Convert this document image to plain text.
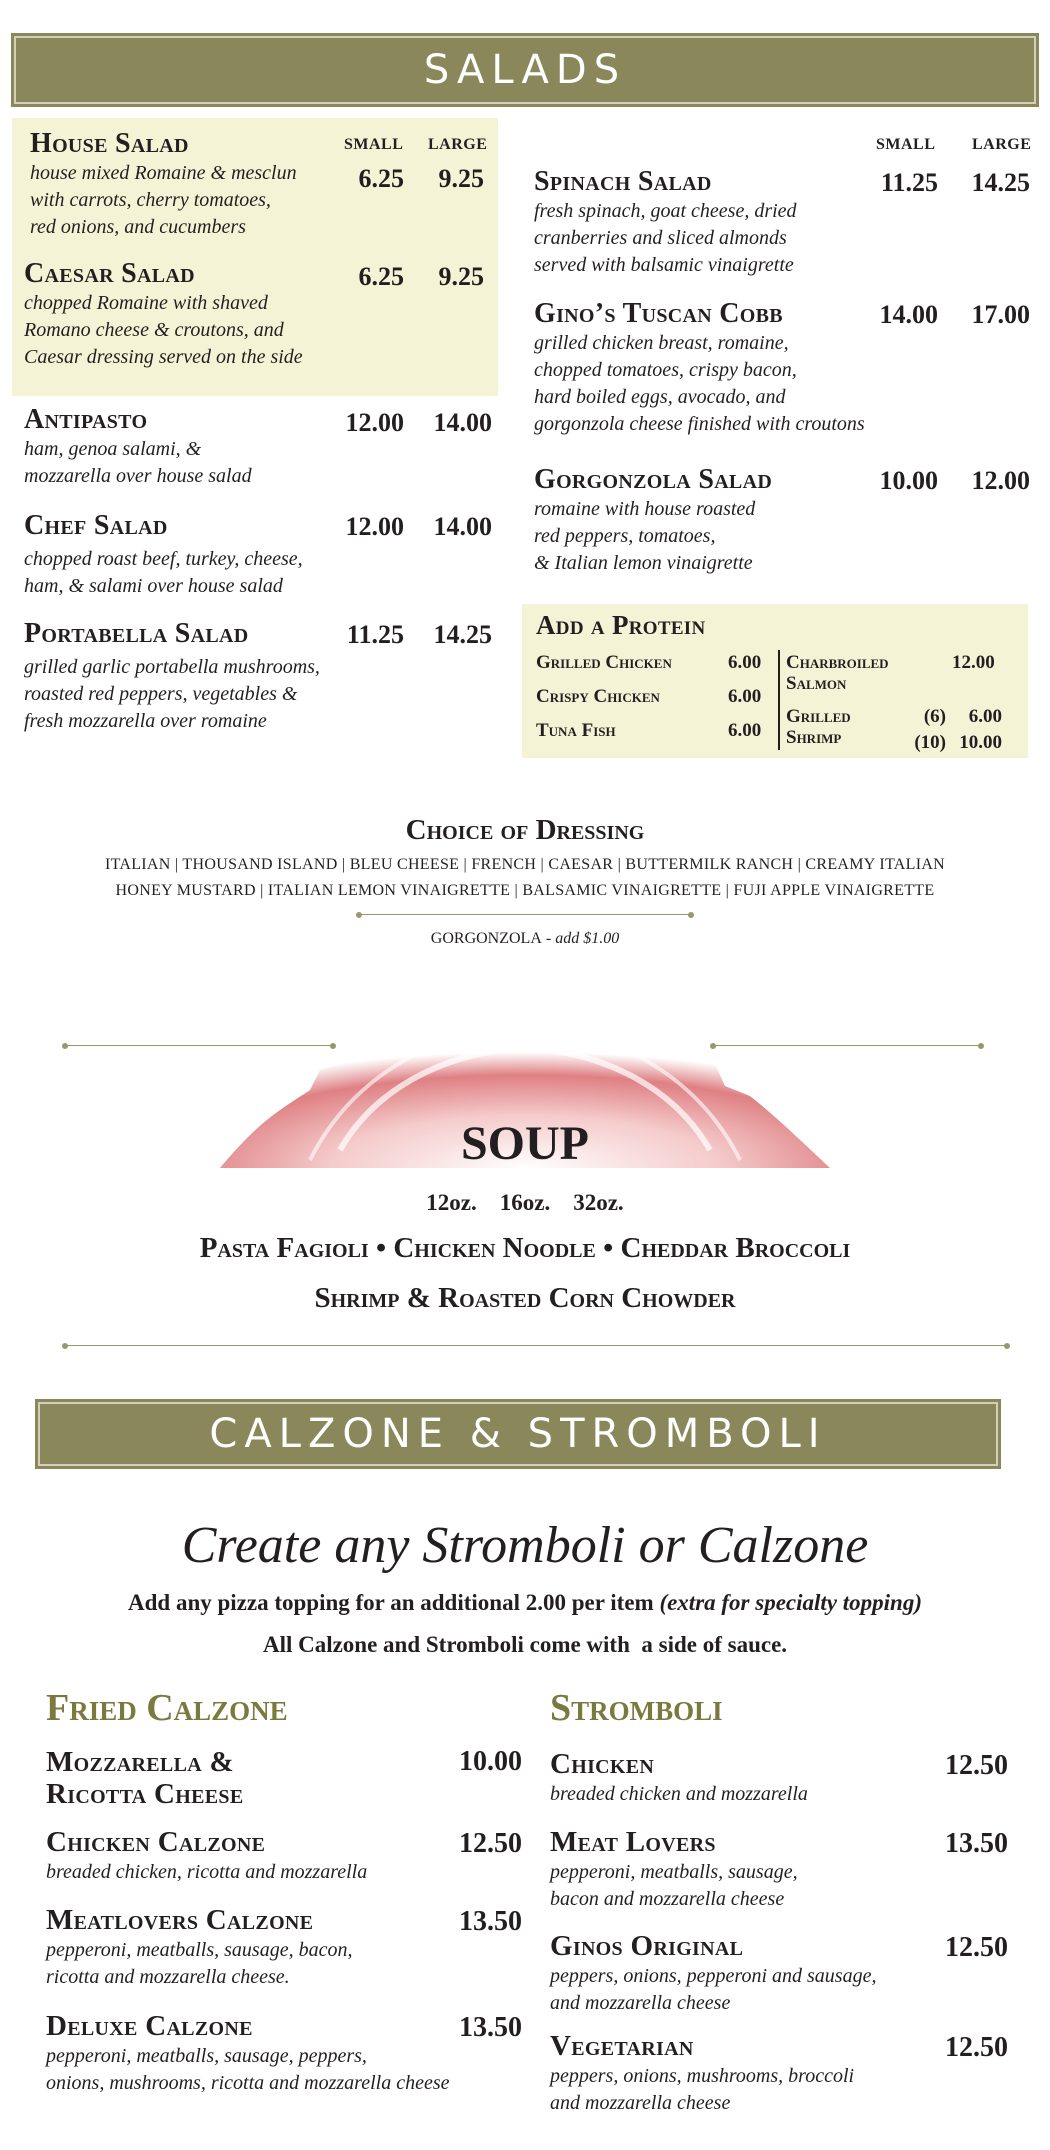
SALADS
SMALL LARGE	SMALL LARGE
House Salad
house mixed Romaine & mesclun
with carrots, cherry tomatoes,
red onions, and cucumbers
6.25	9.25
Caesar Salad
chopped Romaine with shaved
Romano cheese & croutons, and
Caesar dressing served on the side
6.25	9.25
Antipasto
ham, genoa salami, &
mozzarella over house salad
12.00	14.00
Chef Salad
chopped roast beef, turkey, cheese,
ham, & salami over house salad
12.00	14.00
Portabella Salad
grilled garlic portabella mushrooms,
roasted red peppers, vegetables &
fresh mozzarella over romaine
11.25	14.25
Spinach Salad
fresh spinach, goat cheese, dried
cranberries and sliced almonds
served with balsamic vinaigrette
11.25	14.25
Gino’s Tuscan Cobb
grilled chicken breast, romaine,
chopped tomatoes, crispy bacon,
hard boiled eggs, avocado, and
gorgonzola cheese finished with croutons
14.00	17.00
Gorgonzola Salad
romaine with house roasted
red peppers, tomatoes,
& Italian lemon vinaigrette
10.00	12.00
Add a Protein
Grilled Chicken	6.00
Crispy Chicken	6.00
Tuna Fish	6.00
Charbroiled
Salmon
12.00
Grilled
Shrimp
(6)	6.00
(10) 10.00
Choice of Dressing
ITALIAN | THOUSAND ISLAND | BLEU CHEESE | FRENCH | CAESAR | BUTTERMILK RANCH | CREAMY ITALIAN
HONEY MUSTARD | ITALIAN LEMON VINAIGRETTE | BALSAMIC VINAIGRETTE | FUJI APPLE VINAIGRETTE
GORGONZOLA - add $1.00
SOUP
12oz.    16oz.    32oz.
Pasta Fagioli • Chicken Noodle • Cheddar Broccoli
Shrimp & Roasted Corn Chowder
CALZONE & STROMBOLI
Create any Stromboli or Calzone
Add any pizza topping for an additional 2.00 per item (extra for specialty topping)
All Calzone and Stromboli come with  a side of sauce.
Fried Calzone
Mozzarella &
Ricotta Cheese
10.00
Chicken Calzone
breaded chicken, ricotta and mozzarella
12.50
Meatlovers Calzone
pepperoni, meatballs, sausage, bacon,
ricotta and mozzarella cheese.
13.50
Deluxe Calzone
pepperoni, meatballs, sausage, peppers,
onions, mushrooms, ricotta and mozzarella cheese
13.50
Stromboli
Chicken
breaded chicken and mozzarella
12.50
Meat Lovers
pepperoni, meatballs, sausage,
bacon and mozzarella cheese
13.50
Ginos Original
peppers, onions, pepperoni and sausage,
and mozzarella cheese
12.50
Vegetarian
peppers, onions, mushrooms, broccoli
and mozzarella cheese
12.50
